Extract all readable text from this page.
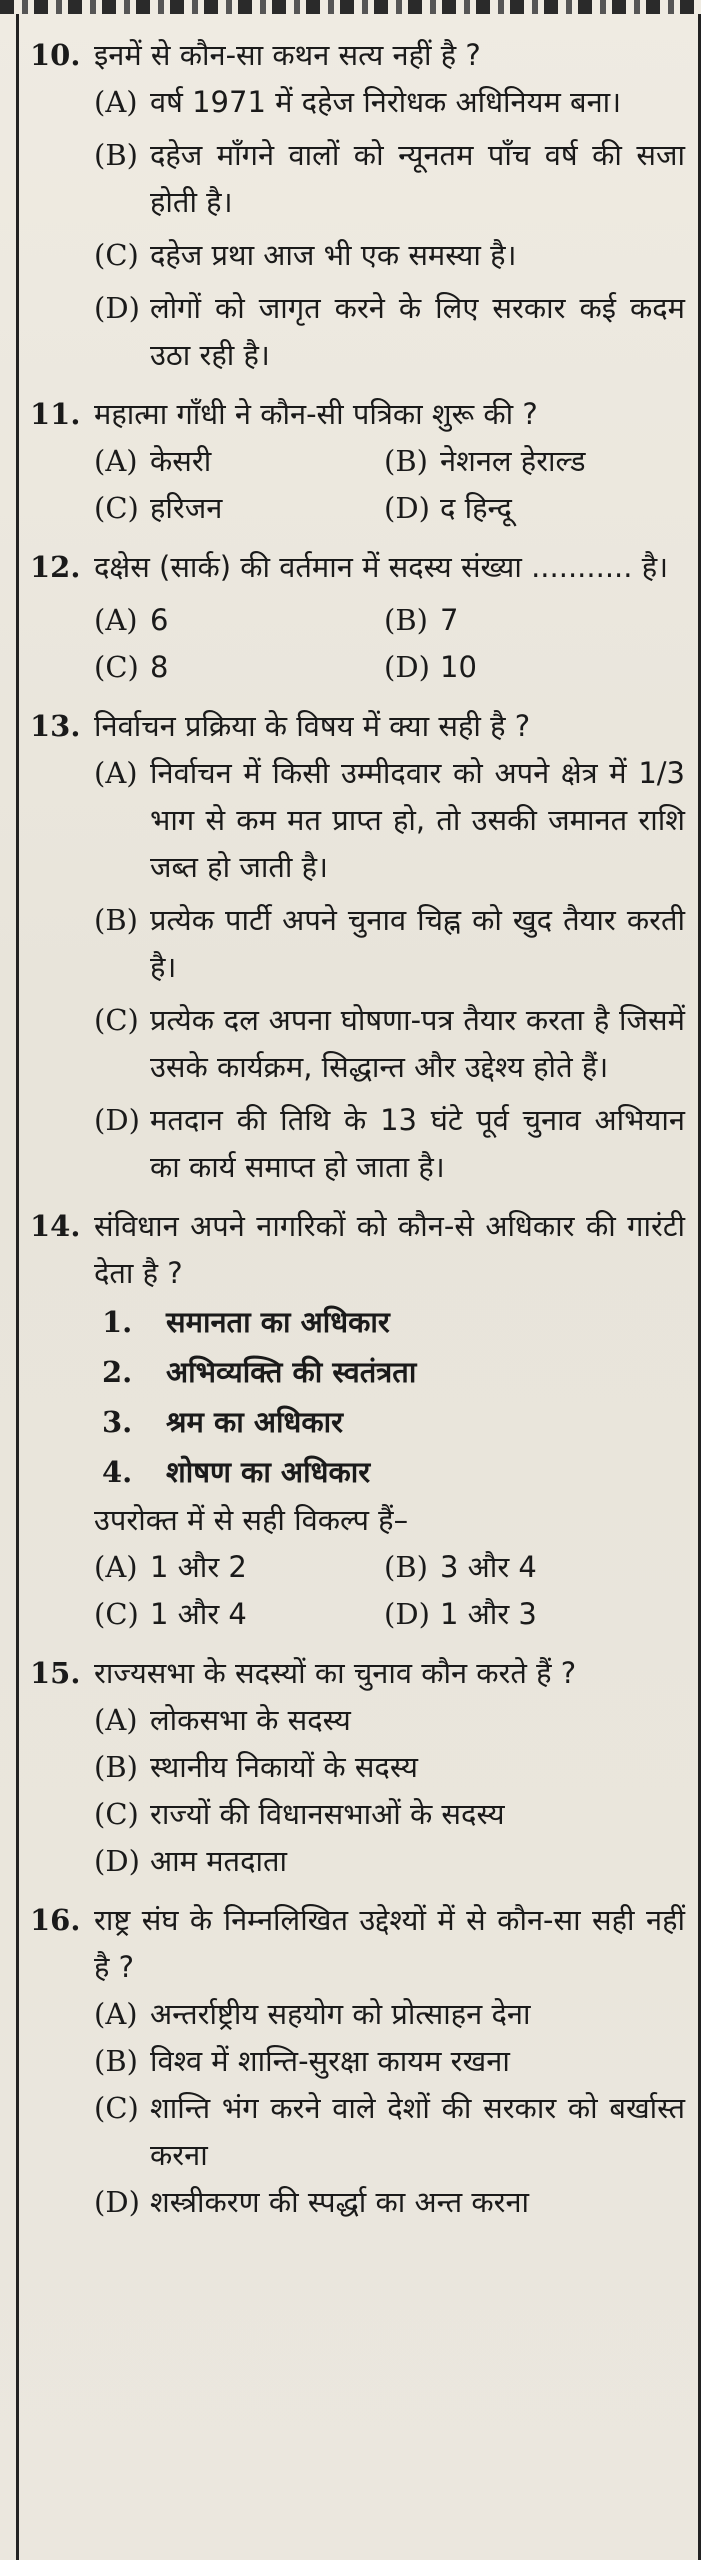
10. इनमें से कौन-सा कथन सत्य नहीं है ?
(A) वर्ष 1971 में दहेज निरोधक अधिनियम बना।
(B) दहेज माँगने वालों को न्यूनतम पाँच वर्ष की सजा होती है।
(C) दहेज प्रथा आज भी एक समस्या है।
(D) लोगों को जागृत करने के लिए सरकार कई कदम उठा रही है।
11. महात्मा गाँधी ने कौन-सी पत्रिका शुरू की ?
(A) केसरी	(B) नेशनल हेराल्ड
(C) हरिजन	(D) द हिन्दू
12. दक्षेस (सार्क) की वर्तमान में सदस्य संख्या ........... है।
(A) 6	(B) 7
(C) 8	(D) 10
13. निर्वाचन प्रक्रिया के विषय में क्या सही है ?
(A) निर्वाचन में किसी उम्मीदवार को अपने क्षेत्र में 1/3 भाग से कम मत प्राप्त हो, तो उसकी जमानत राशि जब्त हो जाती है।
(B) प्रत्येक पार्टी अपने चुनाव चिह्न को खुद तैयार करती है।
(C) प्रत्येक दल अपना घोषणा-पत्र तैयार करता है जिसमें उसके कार्यक्रम, सिद्धान्त और उद्देश्य होते हैं।
(D) मतदान की तिथि के 13 घंटे पूर्व चुनाव अभियान का कार्य समाप्त हो जाता है।
14. संविधान अपने नागरिकों को कौन-से अधिकार की गारंटी देता है ?
1.	समानता का अधिकार
2.	अभिव्यक्ति की स्वतंत्रता
3.	श्रम का अधिकार
4.	शोषण का अधिकार
उपरोक्त में से सही विकल्प हैं–
(A) 1 और 2	(B) 3 और 4
(C) 1 और 4	(D) 1 और 3
15. राज्यसभा के सदस्यों का चुनाव कौन करते हैं ?
(A) लोकसभा के सदस्य
(B) स्थानीय निकायों के सदस्य
(C) राज्यों की विधानसभाओं के सदस्य
(D) आम मतदाता
16. राष्ट्र संघ के निम्नलिखित उद्देश्यों में से कौन-सा सही नहीं है ?
(A) अन्तर्राष्ट्रीय सहयोग को प्रोत्साहन देना
(B) विश्व में शान्ति-सुरक्षा कायम रखना
(C) शान्ति भंग करने वाले देशों की सरकार को बर्खास्त करना
(D) शस्त्रीकरण की स्पर्द्धा का अन्त करना
